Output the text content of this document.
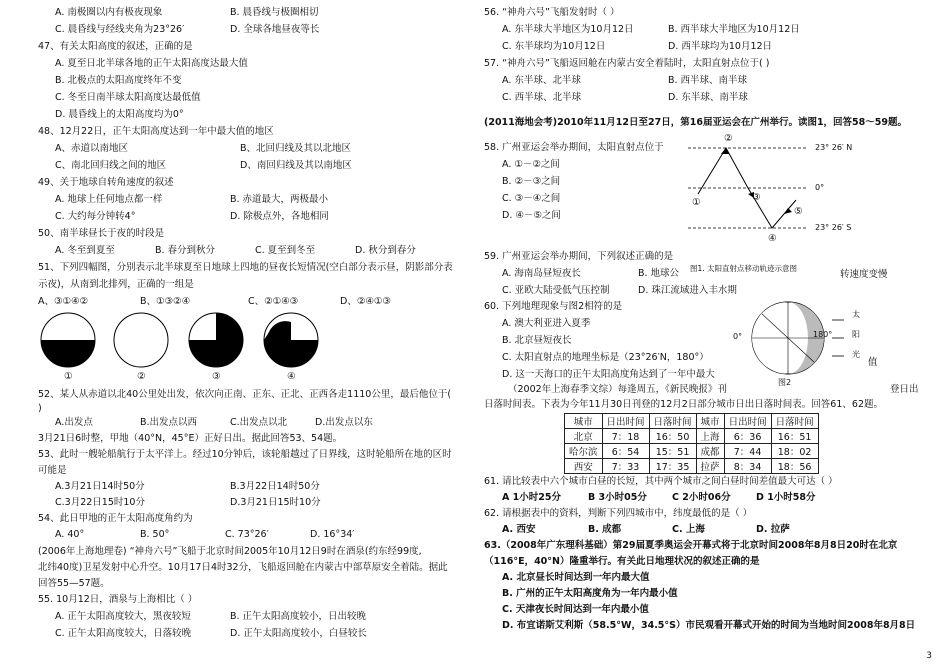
A. 南极圈以内有极夜现象	B. 晨昏线与极圈相切
C. 晨昏线与经线夹角为23°26′	D. 全球各地昼夜等长
47、有关太阳高度的叙述，正确的是
A. 夏至日北半球各地的正午太阳高度达最大值
B. 北极点的太阳高度终年不变
C. 冬至日南半球太阳高度达最低值
D. 晨昏线上的太阳高度均为0°
48、12月22日，正午太阳高度达到一年中最大值的地区
A、赤道以南地区	B、北回归线及其以北地区
C、南北回归线之间的地区	D、南回归线及其以南地区
49、关于地球自转角速度的叙述
A. 地球上任何地点都一样	B. 赤道最大，两极最小
C. 大约每分钟转4°	D. 除极点外，各地相同
50、南半球昼长于夜的时段是
A. 冬至到夏至	B. 春分到秋分	C. 夏至到冬至	D. 秋分到春分
51、下列四幅图，分别表示北半球夏至日地球上四地的昼夜长短情况(空白部分表示昼，阴影部分表
示夜)，从南到北排列，正确的一组是
A、③①④②	B、①③②④	C、②①④③	D、②④①③
①	②	③	④
52、某人从赤道以北40公里处出发，依次向正南、正东、正北、正西各走1110公里，最后他位于(
)
A.出发点	B.出发点以西	C.出发点以北	D.出发点以东
3月21日6时整，甲地（40°N，45°E）正好日出。据此回答53、54题。
53、此时一艘轮船航行于太平洋上。经过10分钟后，该轮船越过了日界线，这时轮船所在地的区时
可能是
A.3月21日14时50分	B.3月22日14时50分
C.3月22日15时10分	D.3月21日15时10分
54、此日甲地的正午太阳高度角约为
A. 40°	B. 50°	C. 73°26′	D. 16°34′
(2006年上海地理卷) “神舟六号”飞船于北京时间2005年10月12日9时在酒泉(约东经99度,
北纬40度)卫星发射中心升空。10月17日4时32分，飞船返回舱在内蒙古中部草原安全着陆。据此
回答55—57题。
55. 10月12日，酒泉与上海相比（ ）
A. 正午太阳高度较大，黑夜较短	B. 正午太阳高度较小，日出较晚
C. 正午太阳高度较大，日落较晚	D. 正午太阳高度较小，白昼较长
56. “神舟六号”飞船发射时（ ）
A. 东半球大半地区为10月12日	B. 西半球大半地区为10月12日
C. 东半球均为10月12日	D. 西半球均为10月12日
57. “神舟六号”飞船返回舱在内蒙古安全着陆时，太阳直射点位于( )
A. 东半球、北半球	B. 西半球、南半球
C. 西半球、北半球	D. 东半球、南半球
(2011海地会考)2010年11月12日至27日，第16届亚运会在广州举行。读图1，回答58～59题。
58. 广州亚运会举办期间，太阳直射点位于
A. ①－②之间
B. ②－③之间
C. ③－④之间
D. ④－⑤之间
23° 26′ N
0°
23° 26′ S
①
②
③
④
⑤
图1. 太阳直射点移动轨迹示意图
59. 广州亚运会举办期间，下列叙述正确的是
A. 海南岛昼短夜长	B. 地球公	转速度变慢
C. 亚欧大陆受低气压控制	D. 珠江流域进入丰水期
60. 下列地理现象与图2相符的是
A. 澳大利亚进入夏季
B. 北京昼短夜长
C. 太阳直射点的地理坐标是（23°26′N，180°）
D. 这一天海口的正午太阳高度角达到了一年中最大
值
0°	180°
太
阳
光
图2
（2002年上海春季文综）每逢周五，《新民晚报》刊	登日出
日落时间表。下表为今年11月30日刊登的12月2日部分城市日出日落时间表。回答61、62题。
城市	日出时间	日落时间	城市	日出时间	日落时间
北京	7：18	16：50	上海	6：36	16：51
哈尔滨	6：54	15：51	成都	7：44	18：02
西安	7：33	17：35	拉萨	8：34	18：56
61. 请比较表中六个城市白昼的长短，其中两个城市之间白昼时间差值最大可达（ ）
A 1小时25分	B 3小时05分	C 2小时06分	D 1小时58分
62. 请根据表中的资料，判断下列四城市中，纬度最低的是（ ）
A. 西安	B. 成都	C. 上海	D. 拉萨
63.（2008年广东理科基础）第29届夏季奥运会开幕式将于北京时间2008年8月8日20时在北京
（116°E，40°N）隆重举行。有关此日地理状况的叙述正确的是
A. 北京昼长时间达到一年内最大值
B. 广州的正午太阳高度角为一年内最小值
C. 天津夜长时间达到一年内最小值
D. 布宜诺斯艾利斯（58.5°W，34.5°S）市民观看开幕式开始的时间为当地时间2008年8月8日
3
